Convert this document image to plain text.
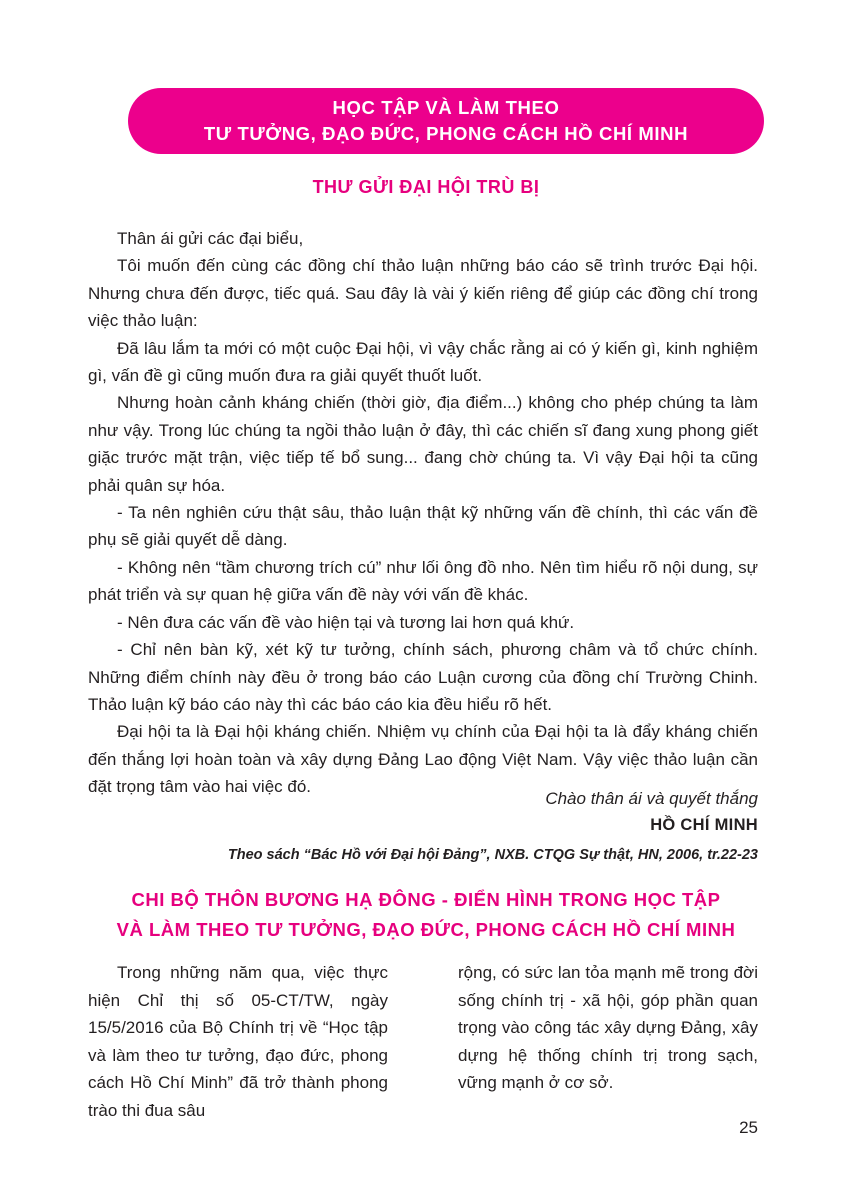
HỌC TẬP VÀ LÀM THEO
TƯ TƯỞNG, ĐẠO ĐỨC, PHONG CÁCH HỒ CHÍ MINH
THƯ GỬI ĐẠI HỘI TRÙ BỊ

Thân ái gửi các đại biểu,

Tôi muốn đến cùng các đồng chí thảo luận những báo cáo sẽ trình trước Đại hội. Nhưng chưa đến được, tiếc quá. Sau đây là vài ý kiến riêng để giúp các đồng chí trong việc thảo luận:

Đã lâu lắm ta mới có một cuộc Đại hội, vì vậy chắc rằng ai có ý kiến gì, kinh nghiệm gì, vấn đề gì cũng muốn đưa ra giải quyết thuốt luốt.

Nhưng hoàn cảnh kháng chiến (thời giờ, địa điểm...) không cho phép chúng ta làm như vậy. Trong lúc chúng ta ngồi thảo luận ở đây, thì các chiến sĩ đang xung phong giết giặc trước mặt trận, việc tiếp tế bổ sung... đang chờ chúng ta. Vì vậy Đại hội ta cũng phải quân sự hóa.

- Ta nên nghiên cứu thật sâu, thảo luận thật kỹ những vấn đề chính, thì các vấn đề phụ sẽ giải quyết dễ dàng.

- Không nên “tầm chương trích cú” như lối ông đồ nho. Nên tìm hiểu rõ nội dung, sự phát triển và sự quan hệ giữa vấn đề này với vấn đề khác.

- Nên đưa các vấn đề vào hiện tại và tương lai hơn quá khứ.

- Chỉ nên bàn kỹ, xét kỹ tư tưởng, chính sách, phương châm và tổ chức chính. Những điểm chính này đều ở trong báo cáo Luận cương của đồng chí Trường Chinh. Thảo luận kỹ báo cáo này thì các báo cáo kia đều hiểu rõ hết.

Đại hội ta là Đại hội kháng chiến. Nhiệm vụ chính của Đại hội ta là đẩy kháng chiến đến thắng lợi hoàn toàn và xây dựng Đảng Lao động Việt Nam. Vậy việc thảo luận cần đặt trọng tâm vào hai việc đó.

Chào thân ái và quyết thắng
HỒ CHÍ MINH
Theo sách “Bác Hồ với Đại hội Đảng”, NXB. CTQG Sự thật, HN, 2006, tr.22-23
CHI BỘ THÔN BƯƠNG HẠ ĐÔNG - ĐIỂN HÌNH TRONG HỌC TẬP
VÀ LÀM THEO TƯ TƯỞNG, ĐẠO ĐỨC, PHONG CÁCH HỒ CHÍ MINH

Trong những năm qua, việc thực hiện Chỉ thị số 05-CT/TW, ngày 15/5/2016 của Bộ Chính trị về “Học tập và làm theo tư tưởng, đạo đức, phong cách Hồ Chí Minh” đã trở thành phong trào thi đua sâu

rộng, có sức lan tỏa mạnh mẽ trong đời sống chính trị - xã hội, góp phần quan trọng vào công tác xây dựng Đảng, xây dựng hệ thống chính trị trong sạch, vững mạnh ở cơ sở.

25
